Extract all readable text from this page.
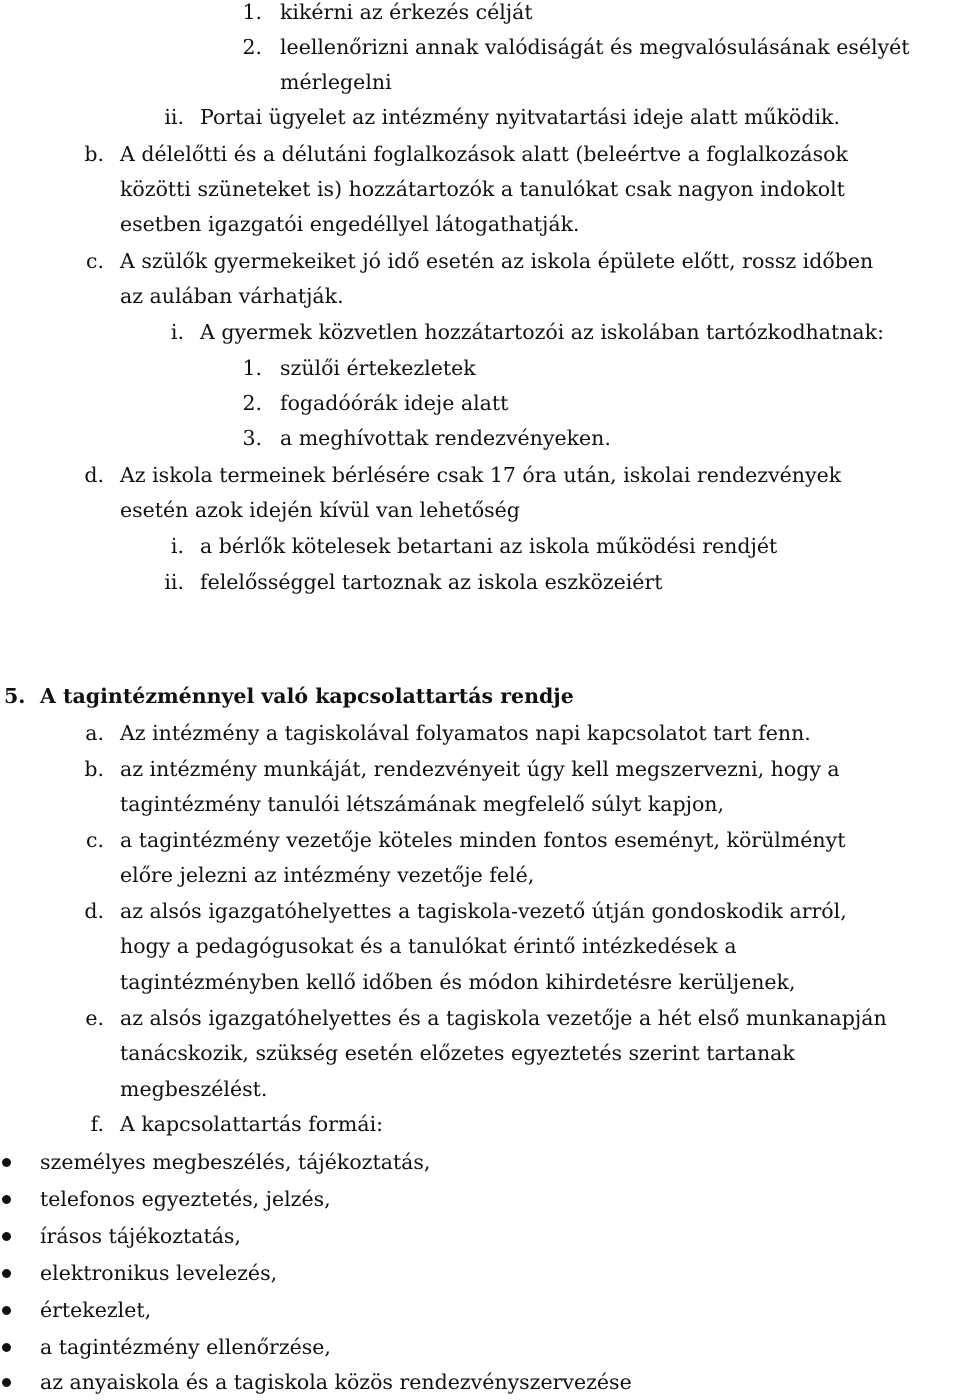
1. kikérni az érkezés célját
2. leellenőrizni annak valódiságát és megvalósulásának esélyét
mérlegelni
ii. Portai ügyelet az intézmény nyitvatartási ideje alatt működik.
b. A délelőtti és a délutáni foglalkozások alatt (beleértve a foglalkozások
közötti szüneteket is) hozzátartozók a tanulókat csak nagyon indokolt
esetben igazgatói engedéllyel látogathatják.
c. A szülők gyermekeiket jó idő esetén az iskola épülete előtt, rossz időben
az aulában várhatják.
i. A gyermek közvetlen hozzátartozói az iskolában tartózkodhatnak:
1. szülői értekezletek
2. fogadóórák ideje alatt
3. a meghívottak rendezvényeken.
d. Az iskola termeinek bérlésére csak 17 óra után, iskolai rendezvények
esetén azok idején kívül van lehetőség
i. a bérlők kötelesek betartani az iskola működési rendjét
ii. felelősséggel tartoznak az iskola eszközeiért
5. A tagintézménnyel való kapcsolattartás rendje
a. Az intézmény a tagiskolával folyamatos napi kapcsolatot tart fenn.
b. az intézmény munkáját, rendezvényeit úgy kell megszervezni, hogy a
tagintézmény tanulói létszámának megfelelő súlyt kapjon,
c. a tagintézmény vezetője köteles minden fontos eseményt, körülményt
előre jelezni az intézmény vezetője felé,
d. az alsós igazgatóhelyettes a tagiskola-vezető útján gondoskodik arról,
hogy a pedagógusokat és a tanulókat érintő intézkedések a
tagintézményben kellő időben és módon kihirdetésre kerüljenek,
e. az alsós igazgatóhelyettes és a tagiskola vezetője a hét első munkanapján
tanácskozik, szükség esetén előzetes egyeztetés szerint tartanak
megbeszélést.
f. A kapcsolattartás formái:
személyes megbeszélés, tájékoztatás,
telefonos egyeztetés, jelzés,
írásos tájékoztatás,
elektronikus levelezés,
értekezlet,
a tagintézmény ellenőrzése,
az anyaiskola és a tagiskola közös rendezvényszervezése
